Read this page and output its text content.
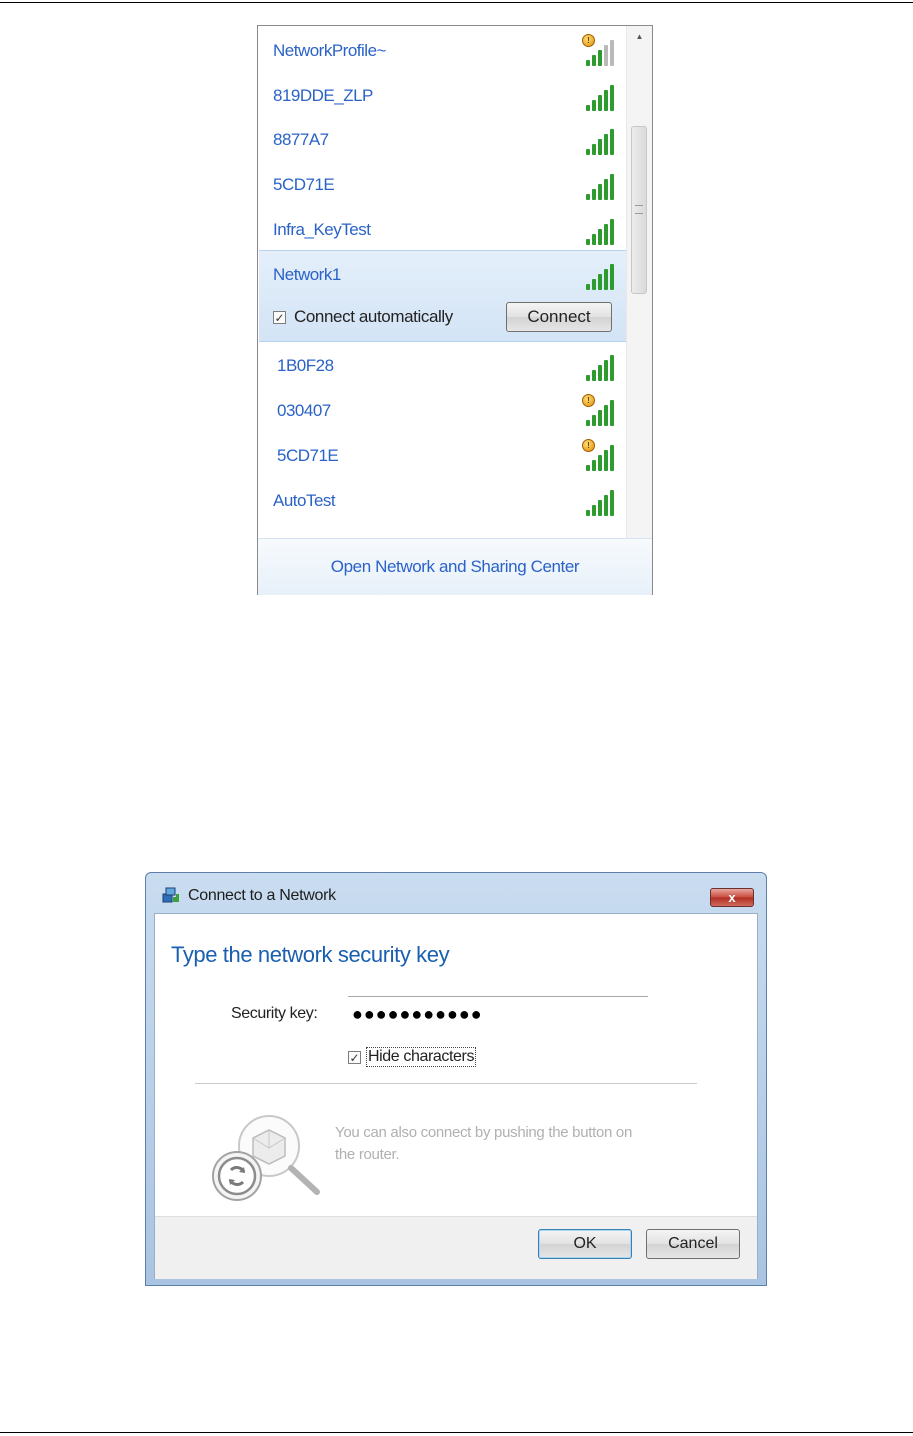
✓ Connect automatically	Connect
NetworkProfile~	!
819DDE_ZLP
8877A7
5CD71E
Infra_KeyTest
Network1
1B0F28
030407	!
5CD71E	!
AutoTest
▲
Open Network and Sharing Center
Connect to a Network	x
Type the network security key
Security key: ●●●●●●●●●●●
✓ Hide characters
You can also connect by pushing the button on the router.
OK	Cancel
